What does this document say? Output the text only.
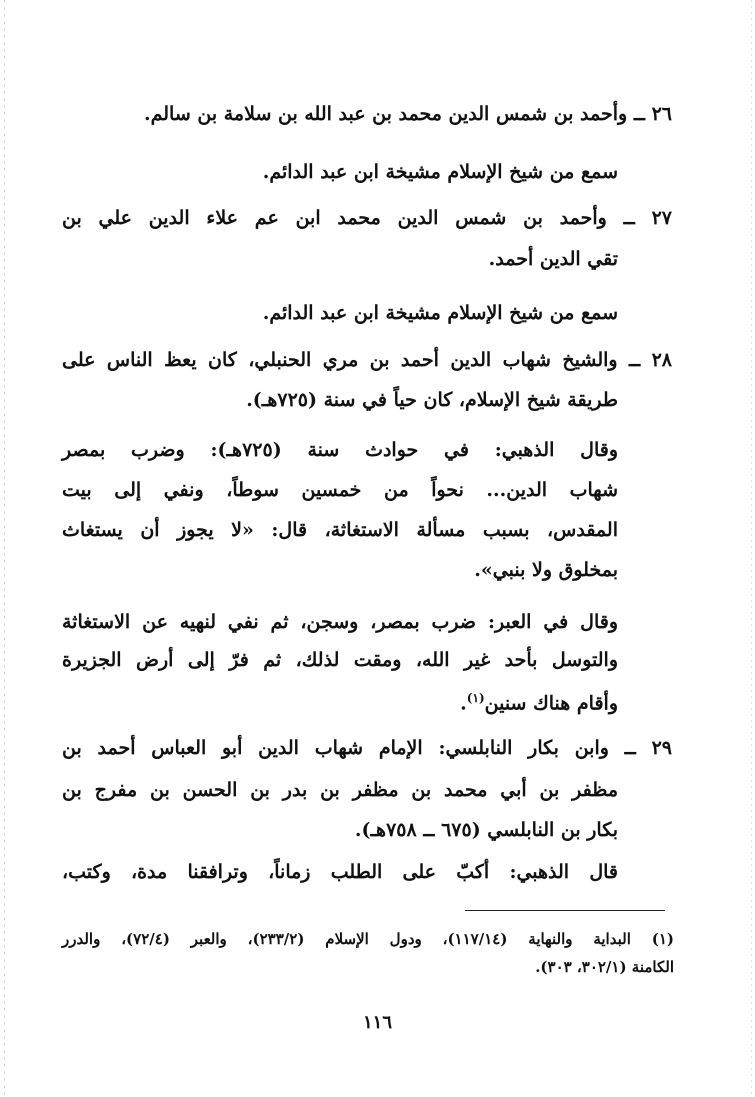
٢٦ ــ وأحمد بن شمس الدين محمد بن عبد الله بن سلامة بن سالم.
سمع من شيخ الإسلام مشيخة ابن عبد الدائم.
٢٧ ــ وأحمد بن شمس الدين محمد ابن عم علاء الدين علي بن
تقي الدين أحمد.
سمع من شيخ الإسلام مشيخة ابن عبد الدائم.
٢٨ ــ والشيخ شهاب الدين أحمد بن مري الحنبلي، كان يعظ الناس على
طريقة شيخ الإسلام، كان حياً في سنة (٧٢٥هـ).
وقال الذهبي: في حوادث سنة (٧٢٥هـ): وضرب بمصر
شهاب الدين... نحواً من خمسين سوطاً، ونفي إلى بيت
المقدس، بسبب مسألة الاستغاثة، قال: «لا يجوز أن يستغاث
بمخلوق ولا بنبي».
وقال في العبر: ضرب بمصر، وسجن، ثم نفي لنهيه عن الاستغاثة
والتوسل بأحد غير الله، ومقت لذلك، ثم فرّ إلى أرض الجزيرة
وأقام هناك سنين$^{(١)}$.
٢٩ ــ وابن بكار النابلسي: الإمام شهاب الدين أبو العباس أحمد بن
مظفر بن أبي محمد بن مظفر بن بدر بن الحسن بن مفرج بن
بكار بن النابلسي (٦٧٥ ــ ٧٥٨هـ).
قال الذهبي: أكبّ على الطلب زماناً، وترافقنا مدة، وكتب،
(١) البداية والنهاية (١١٧/١٤)، ودول الإسلام (٢٣٣/٢)، والعبر (٧٢/٤)، والدرر
الكامنة (٣٠٢/١، ٣٠٣).
١١٦
